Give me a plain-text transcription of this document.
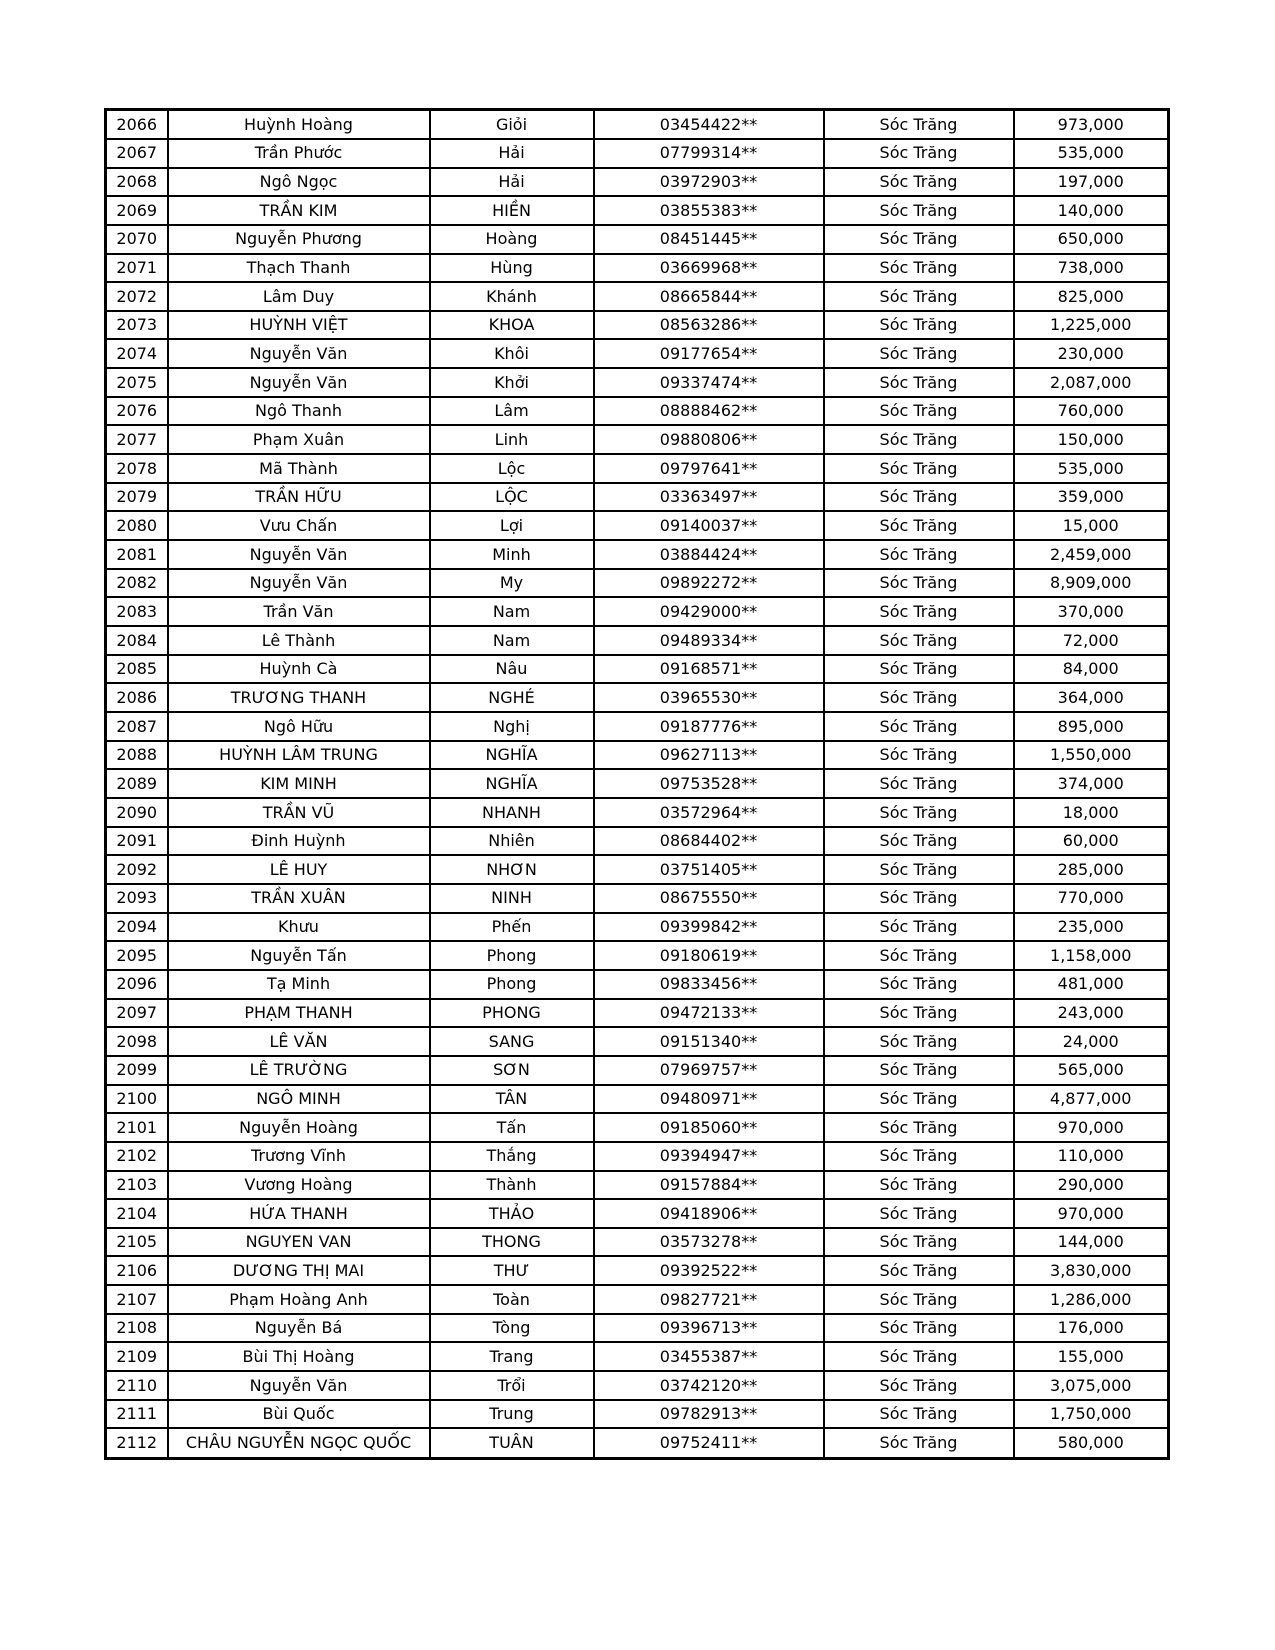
2066	Huỳnh Hoàng	Giỏi	03454422**	Sóc Trăng	973,000
2067	Trần Phước	Hải	07799314**	Sóc Trăng	535,000
2068	Ngô Ngọc	Hải	03972903**	Sóc Trăng	197,000
2069	TRẦN KIM	HIỀN	03855383**	Sóc Trăng	140,000
2070	Nguyễn Phương	Hoàng	08451445**	Sóc Trăng	650,000
2071	Thạch Thanh	Hùng	03669968**	Sóc Trăng	738,000
2072	Lâm Duy	Khánh	08665844**	Sóc Trăng	825,000
2073	HUỲNH VIỆT	KHOA	08563286**	Sóc Trăng	1,225,000
2074	Nguyễn Văn	Khôi	09177654**	Sóc Trăng	230,000
2075	Nguyễn Văn	Khởi	09337474**	Sóc Trăng	2,087,000
2076	Ngô Thanh	Lâm	08888462**	Sóc Trăng	760,000
2077	Phạm Xuân	Linh	09880806**	Sóc Trăng	150,000
2078	Mã Thành	Lộc	09797641**	Sóc Trăng	535,000
2079	TRẦN HỮU	LỘC	03363497**	Sóc Trăng	359,000
2080	Vưu Chấn	Lợi	09140037**	Sóc Trăng	15,000
2081	Nguyễn Văn	Minh	03884424**	Sóc Trăng	2,459,000
2082	Nguyễn Văn	My	09892272**	Sóc Trăng	8,909,000
2083	Trần Văn	Nam	09429000**	Sóc Trăng	370,000
2084	Lê Thành	Nam	09489334**	Sóc Trăng	72,000
2085	Huỳnh Cà	Nâu	09168571**	Sóc Trăng	84,000
2086	TRƯƠNG THANH	NGHÉ	03965530**	Sóc Trăng	364,000
2087	Ngô Hữu	Nghị	09187776**	Sóc Trăng	895,000
2088	HUỲNH LÂM TRUNG	NGHĨA	09627113**	Sóc Trăng	1,550,000
2089	KIM MINH	NGHĨA	09753528**	Sóc Trăng	374,000
2090	TRẦN VŨ	NHANH	03572964**	Sóc Trăng	18,000
2091	Đinh Huỳnh	Nhiên	08684402**	Sóc Trăng	60,000
2092	LÊ HUY	NHƠN	03751405**	Sóc Trăng	285,000
2093	TRẦN XUÂN	NINH	08675550**	Sóc Trăng	770,000
2094	Khưu	Phến	09399842**	Sóc Trăng	235,000
2095	Nguyễn Tấn	Phong	09180619**	Sóc Trăng	1,158,000
2096	Tạ Minh	Phong	09833456**	Sóc Trăng	481,000
2097	PHẠM THANH	PHONG	09472133**	Sóc Trăng	243,000
2098	LÊ VĂN	SANG	09151340**	Sóc Trăng	24,000
2099	LÊ TRƯỜNG	SƠN	07969757**	Sóc Trăng	565,000
2100	NGÔ MINH	TÂN	09480971**	Sóc Trăng	4,877,000
2101	Nguyễn Hoàng	Tấn	09185060**	Sóc Trăng	970,000
2102	Trương Vĩnh	Thắng	09394947**	Sóc Trăng	110,000
2103	Vương Hoàng	Thành	09157884**	Sóc Trăng	290,000
2104	HỨA THANH	THẢO	09418906**	Sóc Trăng	970,000
2105	NGUYEN VAN	THONG	03573278**	Sóc Trăng	144,000
2106	DƯƠNG THỊ MAI	THƯ	09392522**	Sóc Trăng	3,830,000
2107	Phạm Hoàng Anh	Toàn	09827721**	Sóc Trăng	1,286,000
2108	Nguyễn Bá	Tòng	09396713**	Sóc Trăng	176,000
2109	Bùi Thị Hoàng	Trang	03455387**	Sóc Trăng	155,000
2110	Nguyễn Văn	Trổi	03742120**	Sóc Trăng	3,075,000
2111	Bùi Quốc	Trung	09782913**	Sóc Trăng	1,750,000
2112	CHÂU NGUYỄN NGỌC QUỐC	TUÂN	09752411**	Sóc Trăng	580,000
